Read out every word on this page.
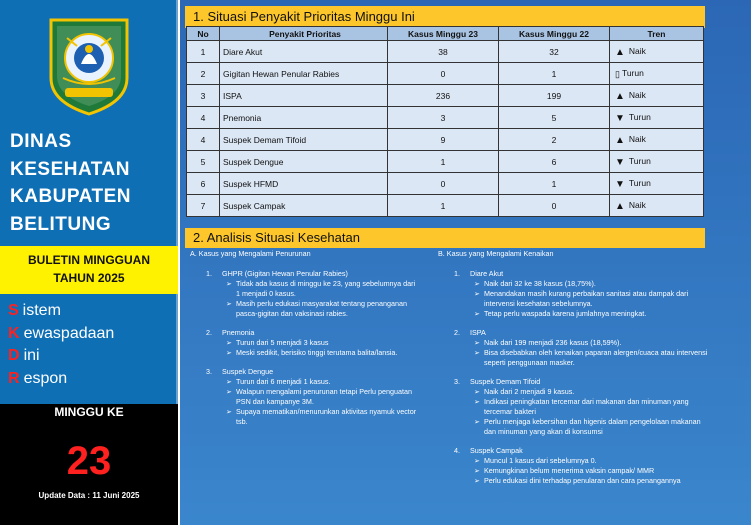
DINAS
KESEHATAN
KABUPATEN
BELITUNG
BULETIN MINGGUAN
TAHUN 2025
S istem
K ewaspadaan
D ini
R espon
MINGGU KE
23
Update Data : 11 Juni 2025
1. Situasi Penyakit Prioritas Minggu Ini
No	Penyakit Prioritas	Kasus Minggu 23	Kasus Minggu 22	Tren
1	Diare Akut	38	32	▲ Naik
2	Gigitan Hewan Penular Rabies	0	1	▯ Turun
3	ISPA	236	199	▲ Naik
4	Pnemonia	3	5	▼ Turun
4	Suspek Demam Tifoid	9	2	▲ Naik
5	Suspek Dengue	1	6	▼ Turun
6	Suspek HFMD	0	1	▼ Turun
7	Suspek Campak	1	0	▲ Naik
2. Analisis Situasi Kesehatan
A. Kasus yang Mengalami Penurunan
1. GHPR (Gigitan Hewan Penular Rabies)
➢ Tidak ada kasus di minggu ke 23, yang sebelumnya dari 1 menjadi 0 kasus.
➢ Masih perlu edukasi masyarakat tentang penanganan pasca-gigitan dan vaksinasi rabies.
2. Pnemonia
➢ Turun dari 5 menjadi 3 kasus
➢ Meski sedikit, berisiko tinggi terutama balita/lansia.
3. Suspek Dengue
➢ Turun dari 6 menjadi 1 kasus.
➢ Walapun mengalami penurunan tetapi Perlu penguatan PSN dan kampanye 3M.
➢ Supaya mematikan/menurunkan aktivitas nyamuk vector tsb.
B. Kasus yang Mengalami Kenaikan
1. Diare Akut
➢ Naik dari 32 ke 38 kasus (18,75%).
➢ Menandakan masih kurang perbaikan sanitasi atau dampak dari intervensi kesehatan sebelumnya.
➢ Tetap perlu waspada karena jumlahnya meningkat.
2. ISPA
➢ Naik dari 199 menjadi 236 kasus (18,59%).
➢ Bisa disebabkan oleh kenaikan paparan alergen/cuaca atau intervensi seperti penggunaan masker.
3. Suspek Demam Tifoid
➢ Naik dari 2 menjadi 9 kasus.
➢ Indikasi peningkatan tercemar dari makanan dan minuman yang tercemar bakteri
➢ Perlu menjaga kebersihan dan higenis dalam pengelolaan makanan dan minuman yang akan di konsumsi
4. Suspek Campak
➢ Muncul 1 kasus dari sebelumnya 0.
➢ Kemungkinan belum menerima vaksin campak/ MMR
➢ Perlu edukasi dini terhadap penularan dan cara penangannya
